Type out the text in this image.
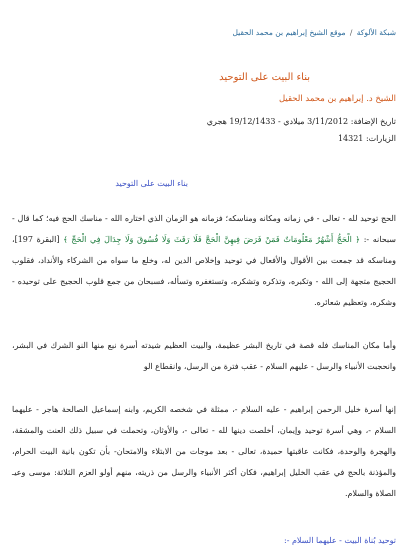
شبكة الألوكة / موقع الشيخ إبراهيم بن محمد الحقيل
بناء البيت على التوحيد
الشيخ د. إبراهيم بن محمد الحقيل
تاريخ الإضافة: 3/11/2012 ميلادي - 19/12/1433 هجري
الزيارات: 14321
بناء البيت على التوحيد

الحج توحيد لله - تعالى - في زمانه ومكانه ومناسكه؛ فزمانه هو الزمان الذي اختاره الله - مناسك الحج فيه؛ كما قال - سبحانه -: ﴿ الْحَجُّ أَشْهُرٌ مَعْلُومَاتٌ فَمَنْ فَرَضَ فِيهِنَّ الْحَجَّ فَلَا رَفَثَ وَلَا فُسُوقَ وَلَا جِدَالَ فِي الْحَجِّ ﴾ [البقرة 197]، ومناسكه قد جمعت بين الأقوال والأفعال في توحيد وإخلاص الدين له، وخلع ما سواه من الشركاء والأنداد، فقلوب الحجيج متجهة إلى الله - وتكبره، وتذكره وتشكره، وتستغفره وتسأله، فسبحان من جمع قلوب الحجيج على توحيده - وشكره، وتعظيم شعائره.

وأما مكان المناسك فله قصة في تاريخ البشر عظيمة، والبيت العظيم شيدته أسرة نبع منها النو الشرك في البشر، وانحجبت الأنبياء والرسل - عليهم السلام - عقب فترة من الرسل، وانقطاع الو

إنها أسرة خليل الرحمن إبراهيم - عليه السلام -، ممثلة في شخصه الكريم، وابنه إسماعيل الصالحة هاجر - عليهما السلام -، وهي أسرة توحيد وإيمان، أخلصت دينها لله - تعالى -، والأوثان، وتحملت في سبيل ذلك العنت والمشقة، والهجرة والوحدة، فكانت عاقبتها حميدة، تعالى - بعد موجات من الابتلاء والامتحان- بأن تكون بانية البيت الحرام، والمؤذنة بالحج في عقب الخليل إبراهيم، فكان أكثر الأنبياء والرسل من ذريته، منهم أولو العزم الثلاثة: موسى وعيـ الصلاة والسلام.

توحيد بُناة البيت - عليهما السلام -:
